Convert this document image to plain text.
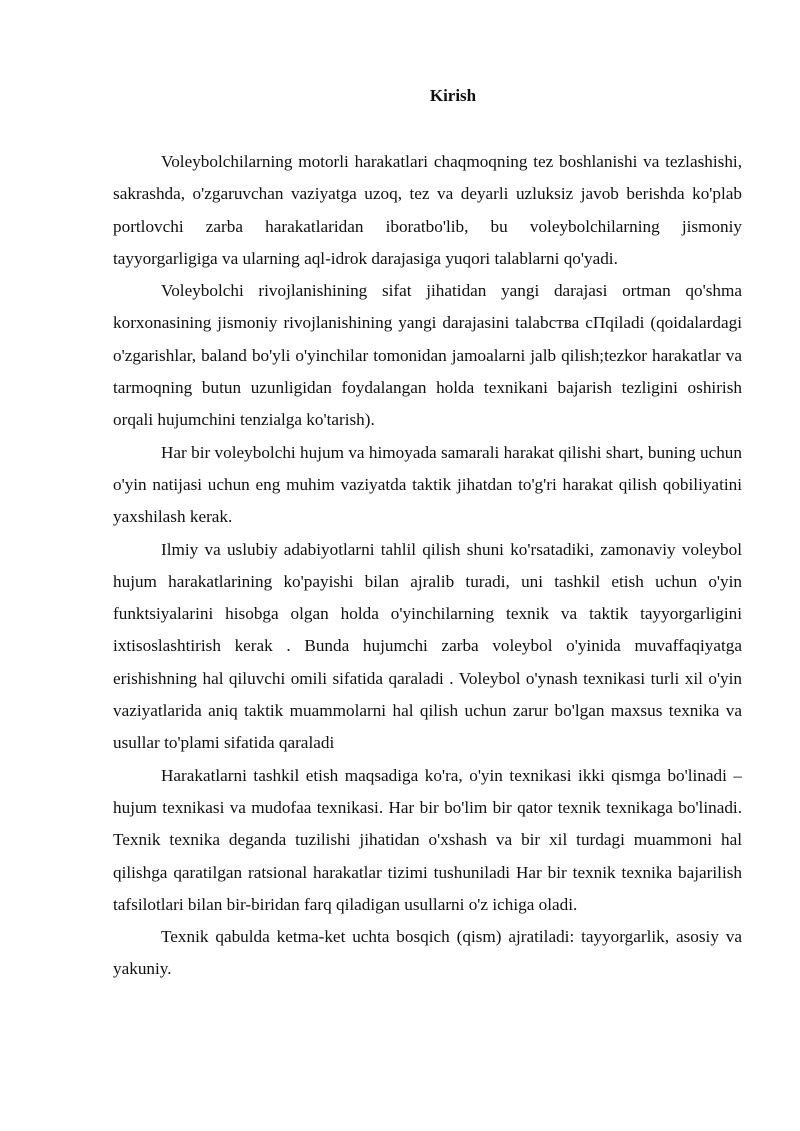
Kirish

Voleybolchilarning motorli harakatlari chaqmoqning tez boshlanishi va tezlashishi, sakrashda, o'zgaruvchan vaziyatga uzoq, tez va deyarli uzluksiz javob berishda ko'plab portlovchi zarba harakatlaridan iboratbo'lib, bu voleybolchilarning jismoniy tayyorgarligiga va ularning aql-idrok darajasiga yuqori talablarni qo'yadi.

Voleybolchi rivojlanishining sifat jihatidan yangi darajasi ortman qo'shma korxonasining jismoniy rivojlanishining yangi darajasini talabства сПqiladi (qoidalardagi o'zgarishlar, baland bo'yli o'yinchilar tomonidan jamoalarni jalb qilish;tezkor harakatlar va tarmoqning butun uzunligidan foydalangan holda texnikani bajarish tezligini oshirish orqali hujumchini tenzialga ko'tarish).

Har bir voleybolchi hujum va himoyada samarali harakat qilishi shart, buning uchun o'yin natijasi uchun eng muhim vaziyatda taktik jihatdan to'g'ri harakat qilish qobiliyatini yaxshilash kerak.

Ilmiy va uslubiy adabiyotlarni tahlil qilish shuni ko'rsatadiki, zamonaviy voleybol hujum harakatlarining ko'payishi bilan ajralib turadi, uni tashkil etish uchun o'yin funktsiyalarini hisobga olgan holda o'yinchilarning texnik va taktik tayyorgarligini ixtisoslashtirish kerak . Bunda hujumchi zarba voleybol o'yinida muvaffaqiyatga erishishning hal qiluvchi omili sifatida qaraladi . Voleybol o'ynash texnikasi turli xil o'yin vaziyatlarida aniq taktik muammolarni hal qilish uchun zarur bo'lgan maxsus texnika va usullar to'plami sifatida qaraladi

Harakatlarni tashkil etish maqsadiga ko'ra, o'yin texnikasi ikki qismga bo'linadi – hujum texnikasi va mudofaa texnikasi. Har bir bo'lim bir qator texnik texnikaga bo'linadi. Texnik texnika deganda tuzilishi jihatidan o'xshash va bir xil turdagi muammoni hal qilishga qaratilgan ratsional harakatlar tizimi tushuniladi Har bir texnik texnika bajarilish tafsilotlari bilan bir-biridan farq qiladigan usullarni o'z ichiga oladi.

Texnik qabulda ketma-ket uchta bosqich (qism) ajratiladi: tayyorgarlik, asosiy va yakuniy.
